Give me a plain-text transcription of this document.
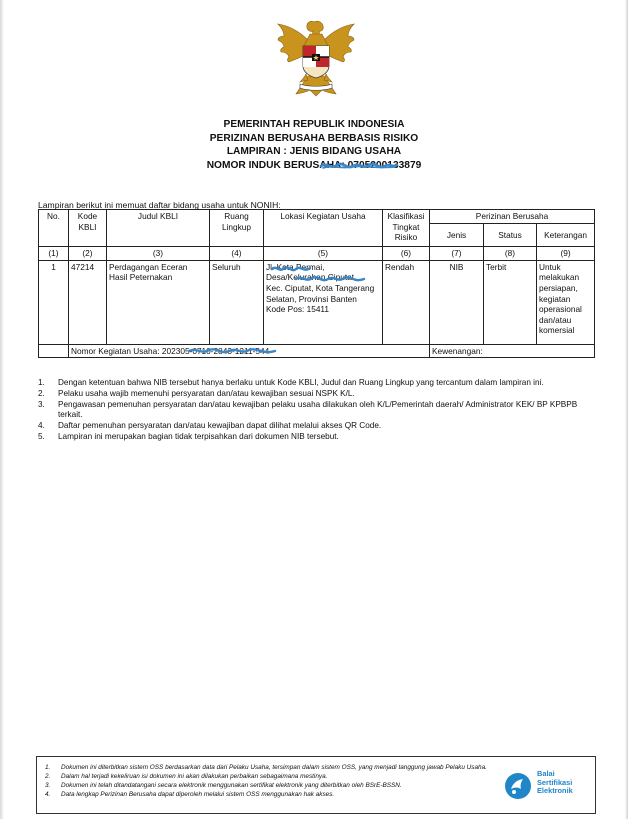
PEMERINTAH REPUBLIK INDONESIA
PERIZINAN BERUSAHA BERBASIS RISIKO
LAMPIRAN : JENIS BIDANG USAHA
NOMOR INDUK BERUSAHA: 0705200133879
Lampiran berikut ini memuat daftar bidang usaha untuk NONIH:
No.	Kode KBLI	Judul KBLI	Ruang Lingkup	Lokasi Kegiatan Usaha	Klasifikasi Tingkat Risiko	Perizinan Berusaha		
						Jenis	Status	Keterangan
(1)	(2)	(3)	(4)	(5)	(6)	(7)	(8)	(9)
1	47214	Perdagangan Eceran Hasil Peternakan	Seluruh	Jl. Kota Permai,
Desa/Kelurahan Ciputat,
Kec. Ciputat, Kota Tangerang Selatan, Provinsi Banten
Kode Pos: 15411	Rendah	NIB	Terbit	Untuk melakukan persiapan, kegiatan operasional dan/atau komersial
	Nomor Kegiatan Usaha: 202305-0710-2843-1211-544					Kewenangan:		
1. Dengan ketentuan bahwa NIB tersebut hanya berlaku untuk Kode KBLI, Judul dan Ruang Lingkup yang tercantum dalam lampiran ini.
2. Pelaku usaha wajib memenuhi persyaratan dan/atau kewajiban sesuai NSPK K/L.
3. Pengawasan pemenuhan persyaratan dan/atau kewajiban pelaku usaha dilakukan oleh K/L/Pemerintah daerah/ Administrator KEK/ BP KPBPB terkait.
4. Daftar pemenuhan persyaratan dan/atau kewajiban dapat dilihat melalui akses QR Code.
5. Lampiran ini merupakan bagian tidak terpisahkan dari dokumen NIB tersebut.
1. Dokumen ini diterbitkan sistem OSS berdasarkan data dari Pelaku Usaha, tersimpan dalam sistem OSS, yang menjadi tanggung jawab Pelaku Usaha.
2. Dalam hal terjadi kekeliruan isi dokumen ini akan dilakukan perbaikan sebagaimana mestinya.
3. Dokumen ini telah ditandatangani secara elektronik menggunakan sertifikat elektronik yang diterbitkan oleh BSrE-BSSN.
4. Data lengkap Perizinan Berusaha dapat diperoleh melalui sistem OSS menggunakan hak akses.
Balai
Sertifikasi
Elektronik
